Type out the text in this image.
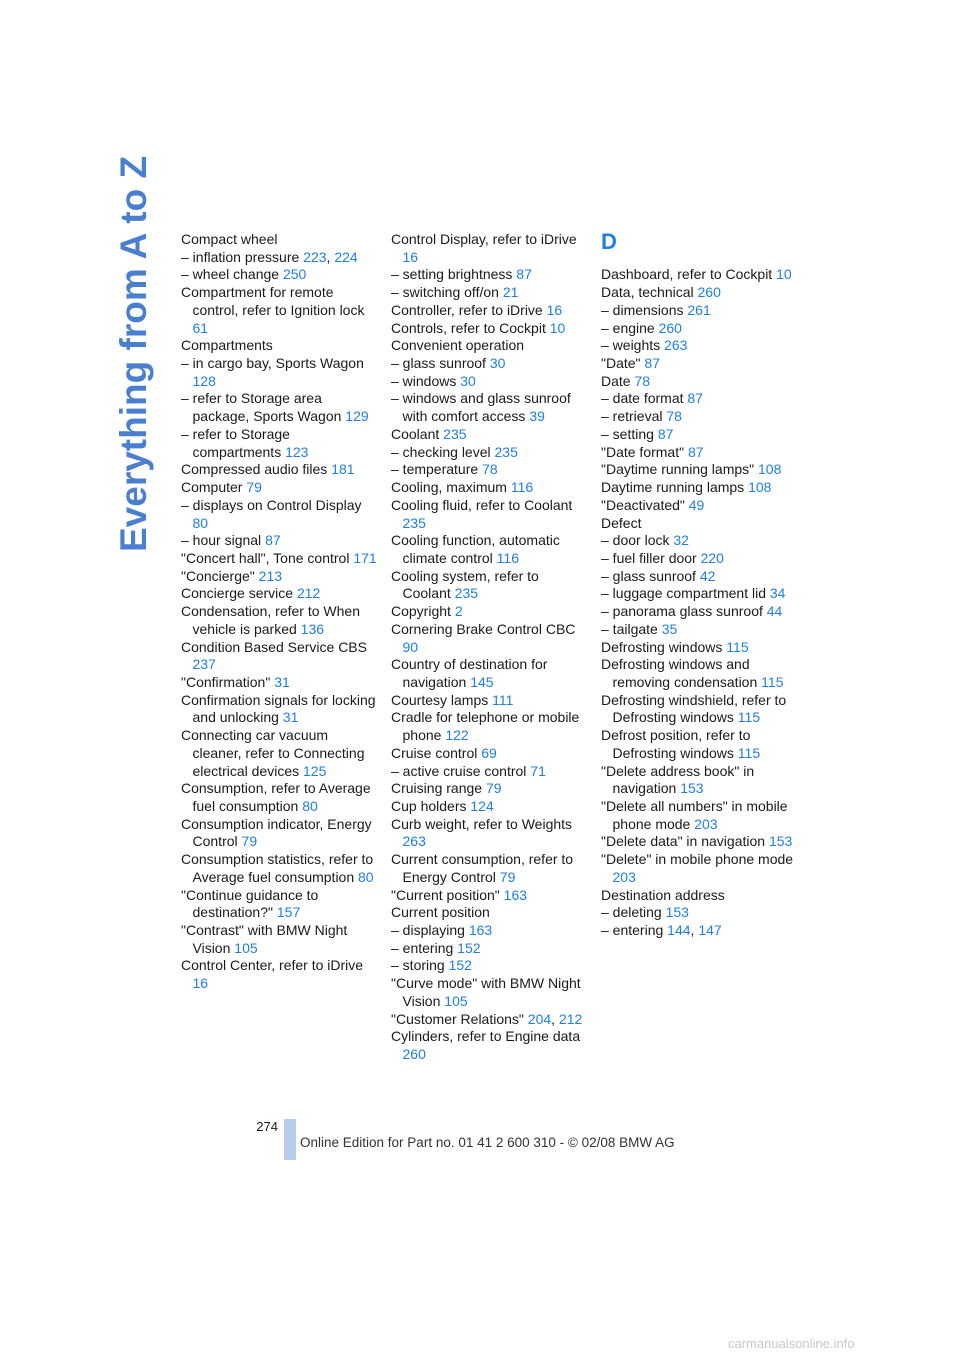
Everything from A to Z Compact wheel
– inflation pressure 223, 224
– wheel change 250
Compartment for remote control, refer to Ignition lock 61
Compartments
– in cargo bay, Sports Wagon 128
– refer to Storage area package, Sports Wagon 129
– refer to Storage compartments 123
Compressed audio files 181
Computer 79
– displays on Control Display 80
– hour signal 87
"Concert hall", Tone control 171
"Concierge" 213
Concierge service 212
Condensation, refer to When vehicle is parked 136
Condition Based Service CBS 237
"Confirmation" 31
Confirmation signals for locking and unlocking 31
Connecting car vacuum cleaner, refer to Connecting electrical devices 125
Consumption, refer to Average fuel consumption 80
Consumption indicator, Energy Control 79
Consumption statistics, refer to Average fuel consumption 80
"Continue guidance to destination?" 157
"Contrast" with BMW Night Vision 105
Control Center, refer to iDrive 16
Control Display, refer to iDrive 16
– setting brightness 87
– switching off/on 21
Controller, refer to iDrive 16
Controls, refer to Cockpit 10
Convenient operation
– glass sunroof 30
– windows 30
– windows and glass sunroof with comfort access 39
Coolant 235
– checking level 235
– temperature 78
Cooling, maximum 116
Cooling fluid, refer to Coolant 235
Cooling function, automatic climate control 116
Cooling system, refer to Coolant 235
Copyright 2
Cornering Brake Control CBC 90
Country of destination for navigation 145
Courtesy lamps 111
Cradle for telephone or mobile phone 122
Cruise control 69
– active cruise control 71
Cruising range 79
Cup holders 124
Curb weight, refer to Weights 263
Current consumption, refer to Energy Control 79
"Current position" 163
Current position
– displaying 163
– entering 152
– storing 152
"Curve mode" with BMW Night Vision 105
"Customer Relations" 204, 212
Cylinders, refer to Engine data 260
D
Dashboard, refer to Cockpit 10
Data, technical 260
– dimensions 261
– engine 260
– weights 263
"Date" 87
Date 78
– date format 87
– retrieval 78
– setting 87
"Date format" 87
"Daytime running lamps" 108
Daytime running lamps 108
"Deactivated" 49
Defect
– door lock 32
– fuel filler door 220
– glass sunroof 42
– luggage compartment lid 34
– panorama glass sunroof 44
– tailgate 35
Defrosting windows 115
Defrosting windows and removing condensation 115
Defrosting windshield, refer to Defrosting windows 115
Defrost position, refer to Defrosting windows 115
"Delete address book" in navigation 153
"Delete all numbers" in mobile phone mode 203
"Delete data" in navigation 153
"Delete" in mobile phone mode 203
Destination address
– deleting 153
– entering 144, 147
274
Online Edition for Part no. 01 41 2 600 310 - © 02/08 BMW AG
carmanualsonline.info
